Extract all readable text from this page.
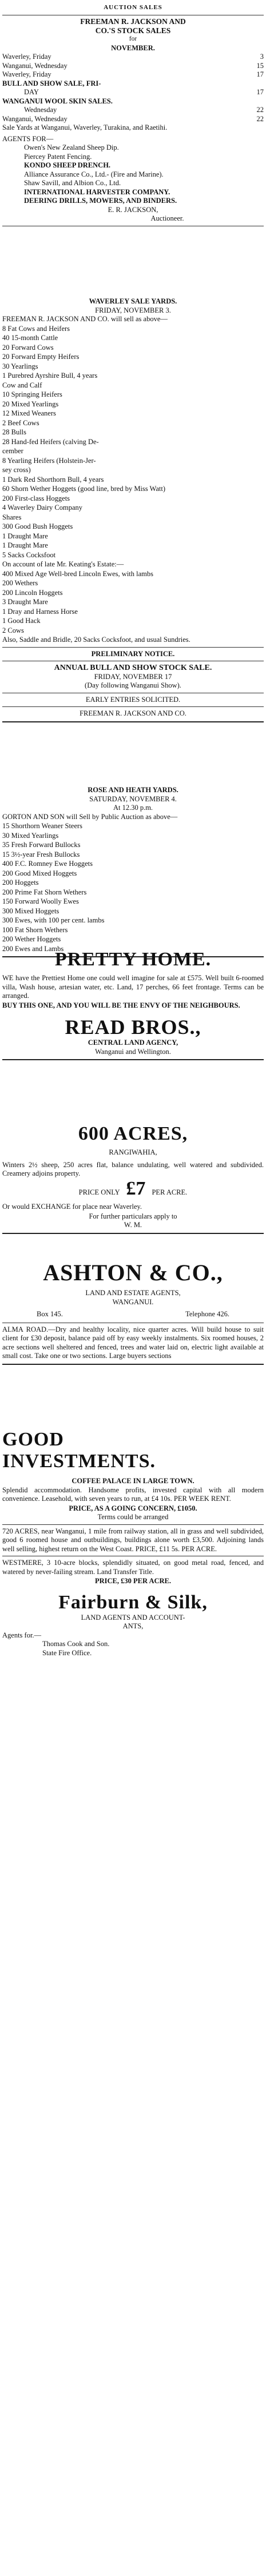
AUCTION SALES
FREEMAN R. JACKSON AND
CO.'S STOCK SALES
for
NOVEMBER.
Waverley, Friday	3
Wanganui, Wednesday	15
Waverley, Friday	17
BULL AND SHOW SALE, FRI-
DAY	17
WANGANUI WOOL SKIN SALES.
Wednesday	22
Wanganui, Wednesday	22
Sale Yards at Wanganui, Waverley, Turakina, and Raetihi.
AGENTS FOR—
Owen's New Zealand Sheep Dip.
Piercey Patent Fencing.
KONDO SHEEP DRENCH.
Alliance Assurance Co., Ltd.- (Fire and Marine).
Shaw Savill, and Albion Co., Ltd.
INTERNATIONAL HARVESTER COMPANY.
DEERING DRILLS, MOWERS, AND BINDERS.
E. R. JACKSON,
Auctioneer.
WAVERLEY SALE YARDS.
FRIDAY, NOVEMBER 3.
FREEMAN R. JACKSON AND CO. will sell as above—
8 Fat Cows and Heifers
40 15-month Cattle
20 Forward Cows
20 Forward Empty Heifers
30 Yearlings
1 Purebred Ayrshire Bull, 4 years
Cow and Calf
10 Springing Heifers
20 Mixed Yearlings
12 Mixed Weaners
2 Beef Cows
28 Bulls
28 Hand-fed Heifers (calving De-
cember
8 Yearling Heifers (Holstein-Jer-
sey cross)
1 Dark Red Shorthorn Bull, 4 years
60 Shorn Wether Hoggets (good line, bred by Miss Watt)
200 First-class Hoggets
4 Waverley Dairy Company
Shares
300 Good Bush Hoggets
1 Draught Mare
1 Draught Mare
5 Sacks Cocksfoot
On account of late Mr. Keating's Estate:—
400 Mixed Age Well-bred Lincoln Ewes, with lambs
200 Wethers
200 Lincoln Hoggets
3 Draught Mare
1 Dray and Harness Horse
1 Good Hack
2 Cows
Also, Saddle and Bridle, 20 Sacks Cocksfoot, and usual Sundries.
PRELIMINARY NOTICE.
ANNUAL BULL AND SHOW STOCK SALE.
FRIDAY, NOVEMBER 17
(Day following Wanganui Show).
EARLY ENTRIES SOLICITED.
FREEMAN R. JACKSON AND CO.
ROSE AND HEATH YARDS.
SATURDAY, NOVEMBER 4.
At 12.30 p.m.
GORTON AND SON will Sell by Public Auction as above—
15 Shorthorn Weaner Steers
30 Mixed Yearlings
35 Fresh Forward Bullocks
15 3½-year Fresh Bullocks
400 F.C. Romney Ewe Hoggets
200 Good Mixed Hoggets
200 Hoggets
200 Prime Fat Shorn Wethers
150 Forward Woolly Ewes
300 Mixed Hoggets
300 Ewes, with 100 per cent. lambs
100 Fat Shorn Wethers
200 Wether Hoggets
200 Ewes and Lambs
PRETTY HOME.
WE have the Prettiest Home one could well imagine for sale at £575. Well built 6-roomed villa, Wash house, artesian water, etc. Land, 17 perches, 66 feet frontage. Terms can be arranged.
BUY THIS ONE, AND YOU WILL BE THE ENVY OF THE NEIGHBOURS.
READ BROS.,
CENTRAL LAND AGENCY,
Wanganui and Wellington.
600 ACRES,
RANGIWAHIA,
Winters 2½ sheep, 250 acres flat, balance undulating, well watered and subdivided. Creamery adjoins property.
PRICE ONLY £7 PER ACRE.
Or would EXCHANGE for place near Waverley.
For further particulars apply to
W. M.
ASHTON & CO.,
LAND AND ESTATE AGENTS,
WANGANUI.
Box 145.	Telephone 426.
ALMA ROAD.—Dry and healthy locality, nice quarter acres. Will build house to suit client for £30 deposit, balance paid off by easy weekly instalments. Six roomed houses, 2 acre sections well sheltered and fenced, trees and water laid on, electric light available at small cost. Take one or two sections. Large buyers sections
GOOD
INVESTMENTS.
COFFEE PALACE IN LARGE TOWN.
Splendid accommodation. Handsome profits, invested capital with all modern convenience. Leasehold, with seven years to run, at £4 10s. PER WEEK RENT.
PRICE, AS A GOING CONCERN, £1050.
Terms could be arranged
720 ACRES, near Wanganui, 1 mile from railway station, all in grass and well subdivided, good 6 roomed house and outbuildings, buildings alone worth £3,500. Adjoining lands well selling, highest return on the West Coast. PRICE, £11 5s. PER ACRE.
WESTMERE, 3 10-acre blocks, splendidly situated, on good metal road, fenced, and watered by never-failing stream. Land Transfer Title.
PRICE, £30 PER ACRE.
Fairburn & Silk,
LAND AGENTS AND ACCOUNT-
ANTS,
Agents for.—
Thomas Cook and Son.
State Fire Office.
